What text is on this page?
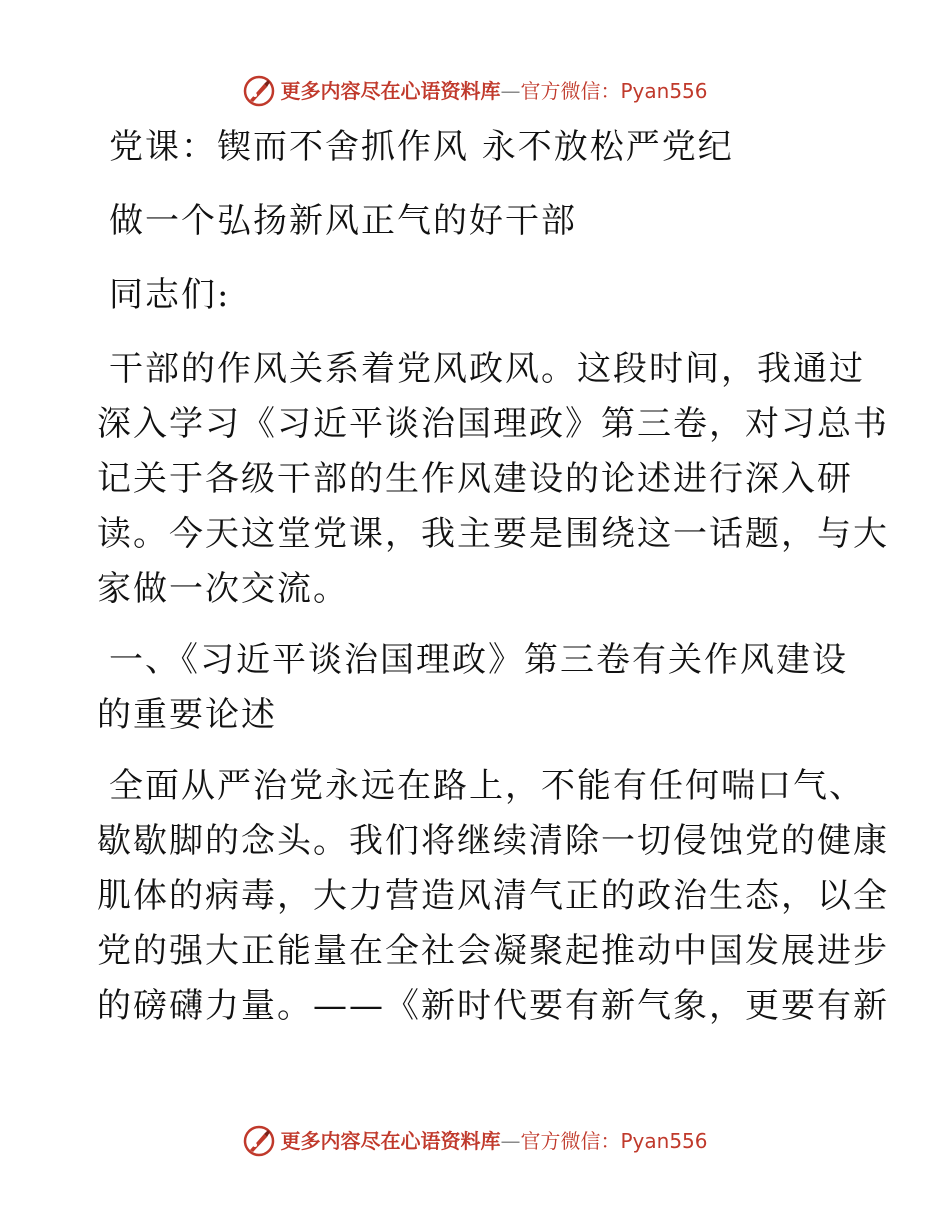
更多内容尽在心语资料库 — 官方微信： Pyan556
党课：锲而不舍抓作风 永不放松严党纪
做一个弘扬新风正气的好干部
同志们:
干部的作风关系着党风政风。这段时间，我通过
深入学习《习近平谈治国理政》第三卷，对习总书
记关于各级干部的生作风建设的论述进行深入研
读。今天这堂党课，我主要是围绕这一话题，与大
家做一次交流。
一、《习近平谈治国理政》第三卷有关作风建设
的重要论述
全面从严治党永远在路上，不能有任何喘口气、
歇歇脚的念头。我们将继续清除一切侵蚀党的健康
肌体的病毒，大力营造风清气正的政治生态，以全
党的强大正能量在全社会凝聚起推动中国发展进步
的磅礴力量。——《新时代要有新气象，更要有新
更多内容尽在心语资料库 — 官方微信： Pyan556
